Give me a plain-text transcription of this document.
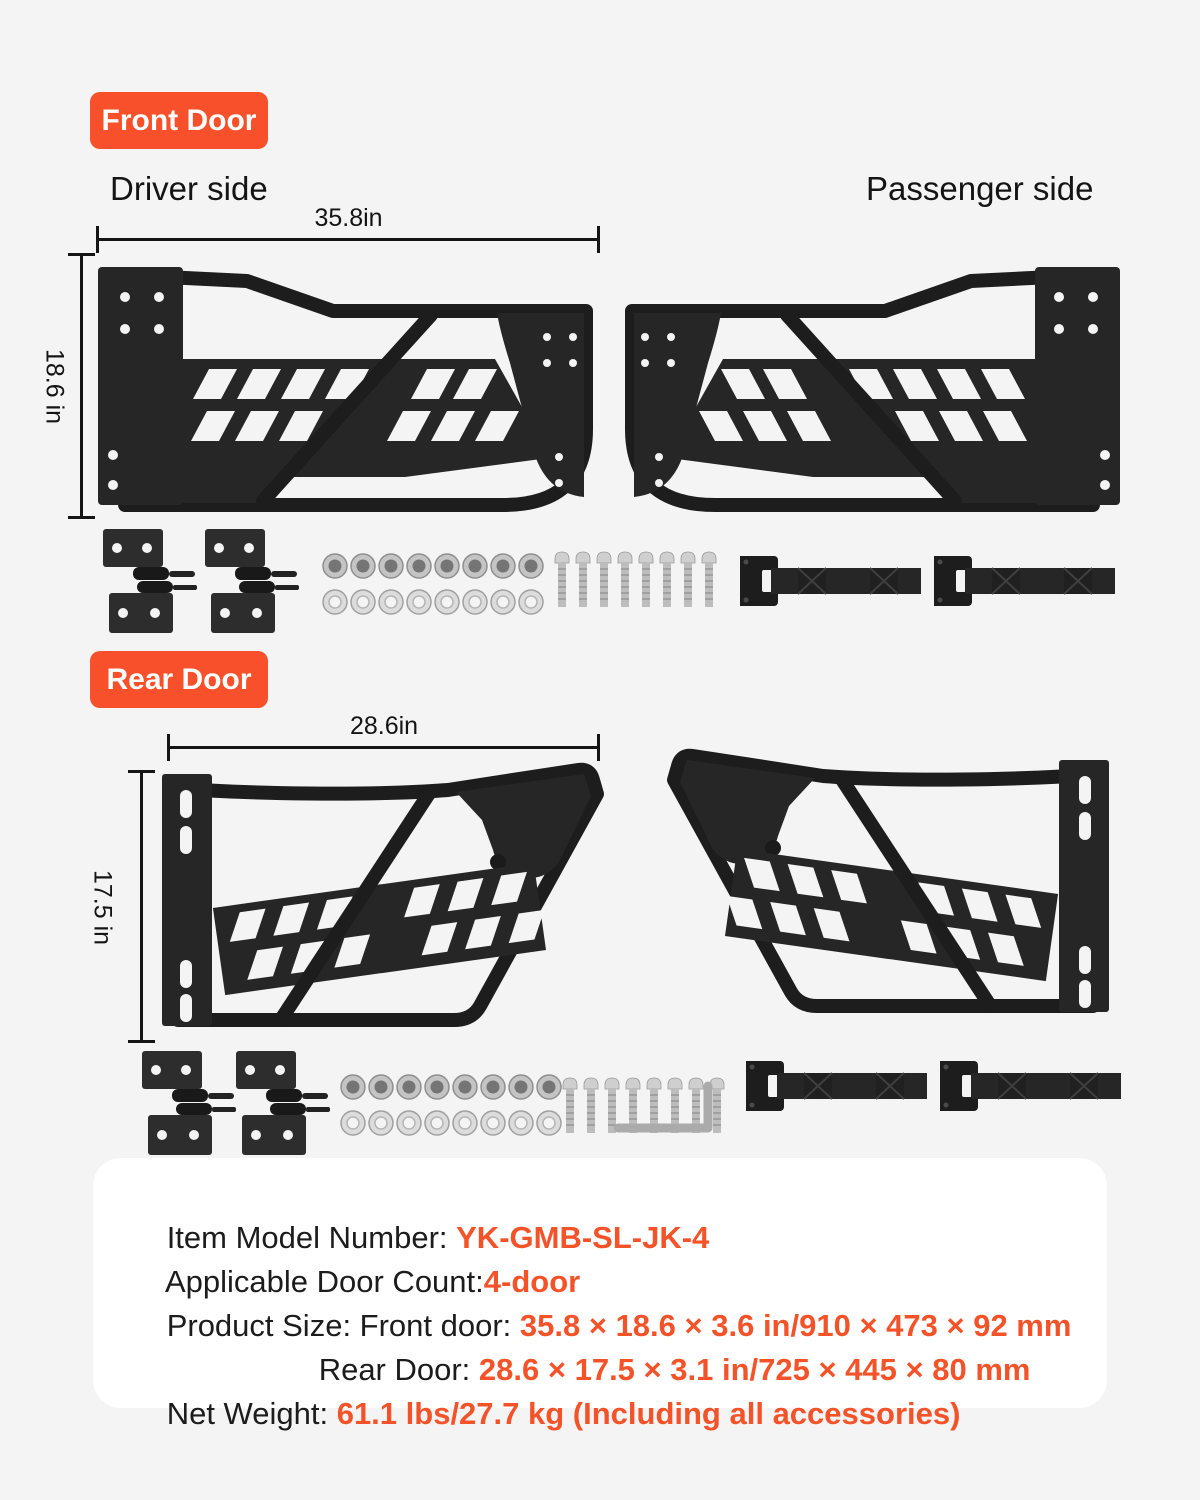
Front Door
Driver side	Passenger side
35.8in
18.6 in
Rear Door
28.6in
17.5 in

Item Model Number: YK-GMB-SL-JK-4

Applicable Door Count:4-door

Product Size: Front door: 35.8 × 18.6 × 3.6 in/910 × 473 × 92 mm

Rear Door: 28.6 × 17.5 × 3.1 in/725 × 445 × 80 mm

Net Weight: 61.1 lbs/27.7 kg (Including all accessories)
